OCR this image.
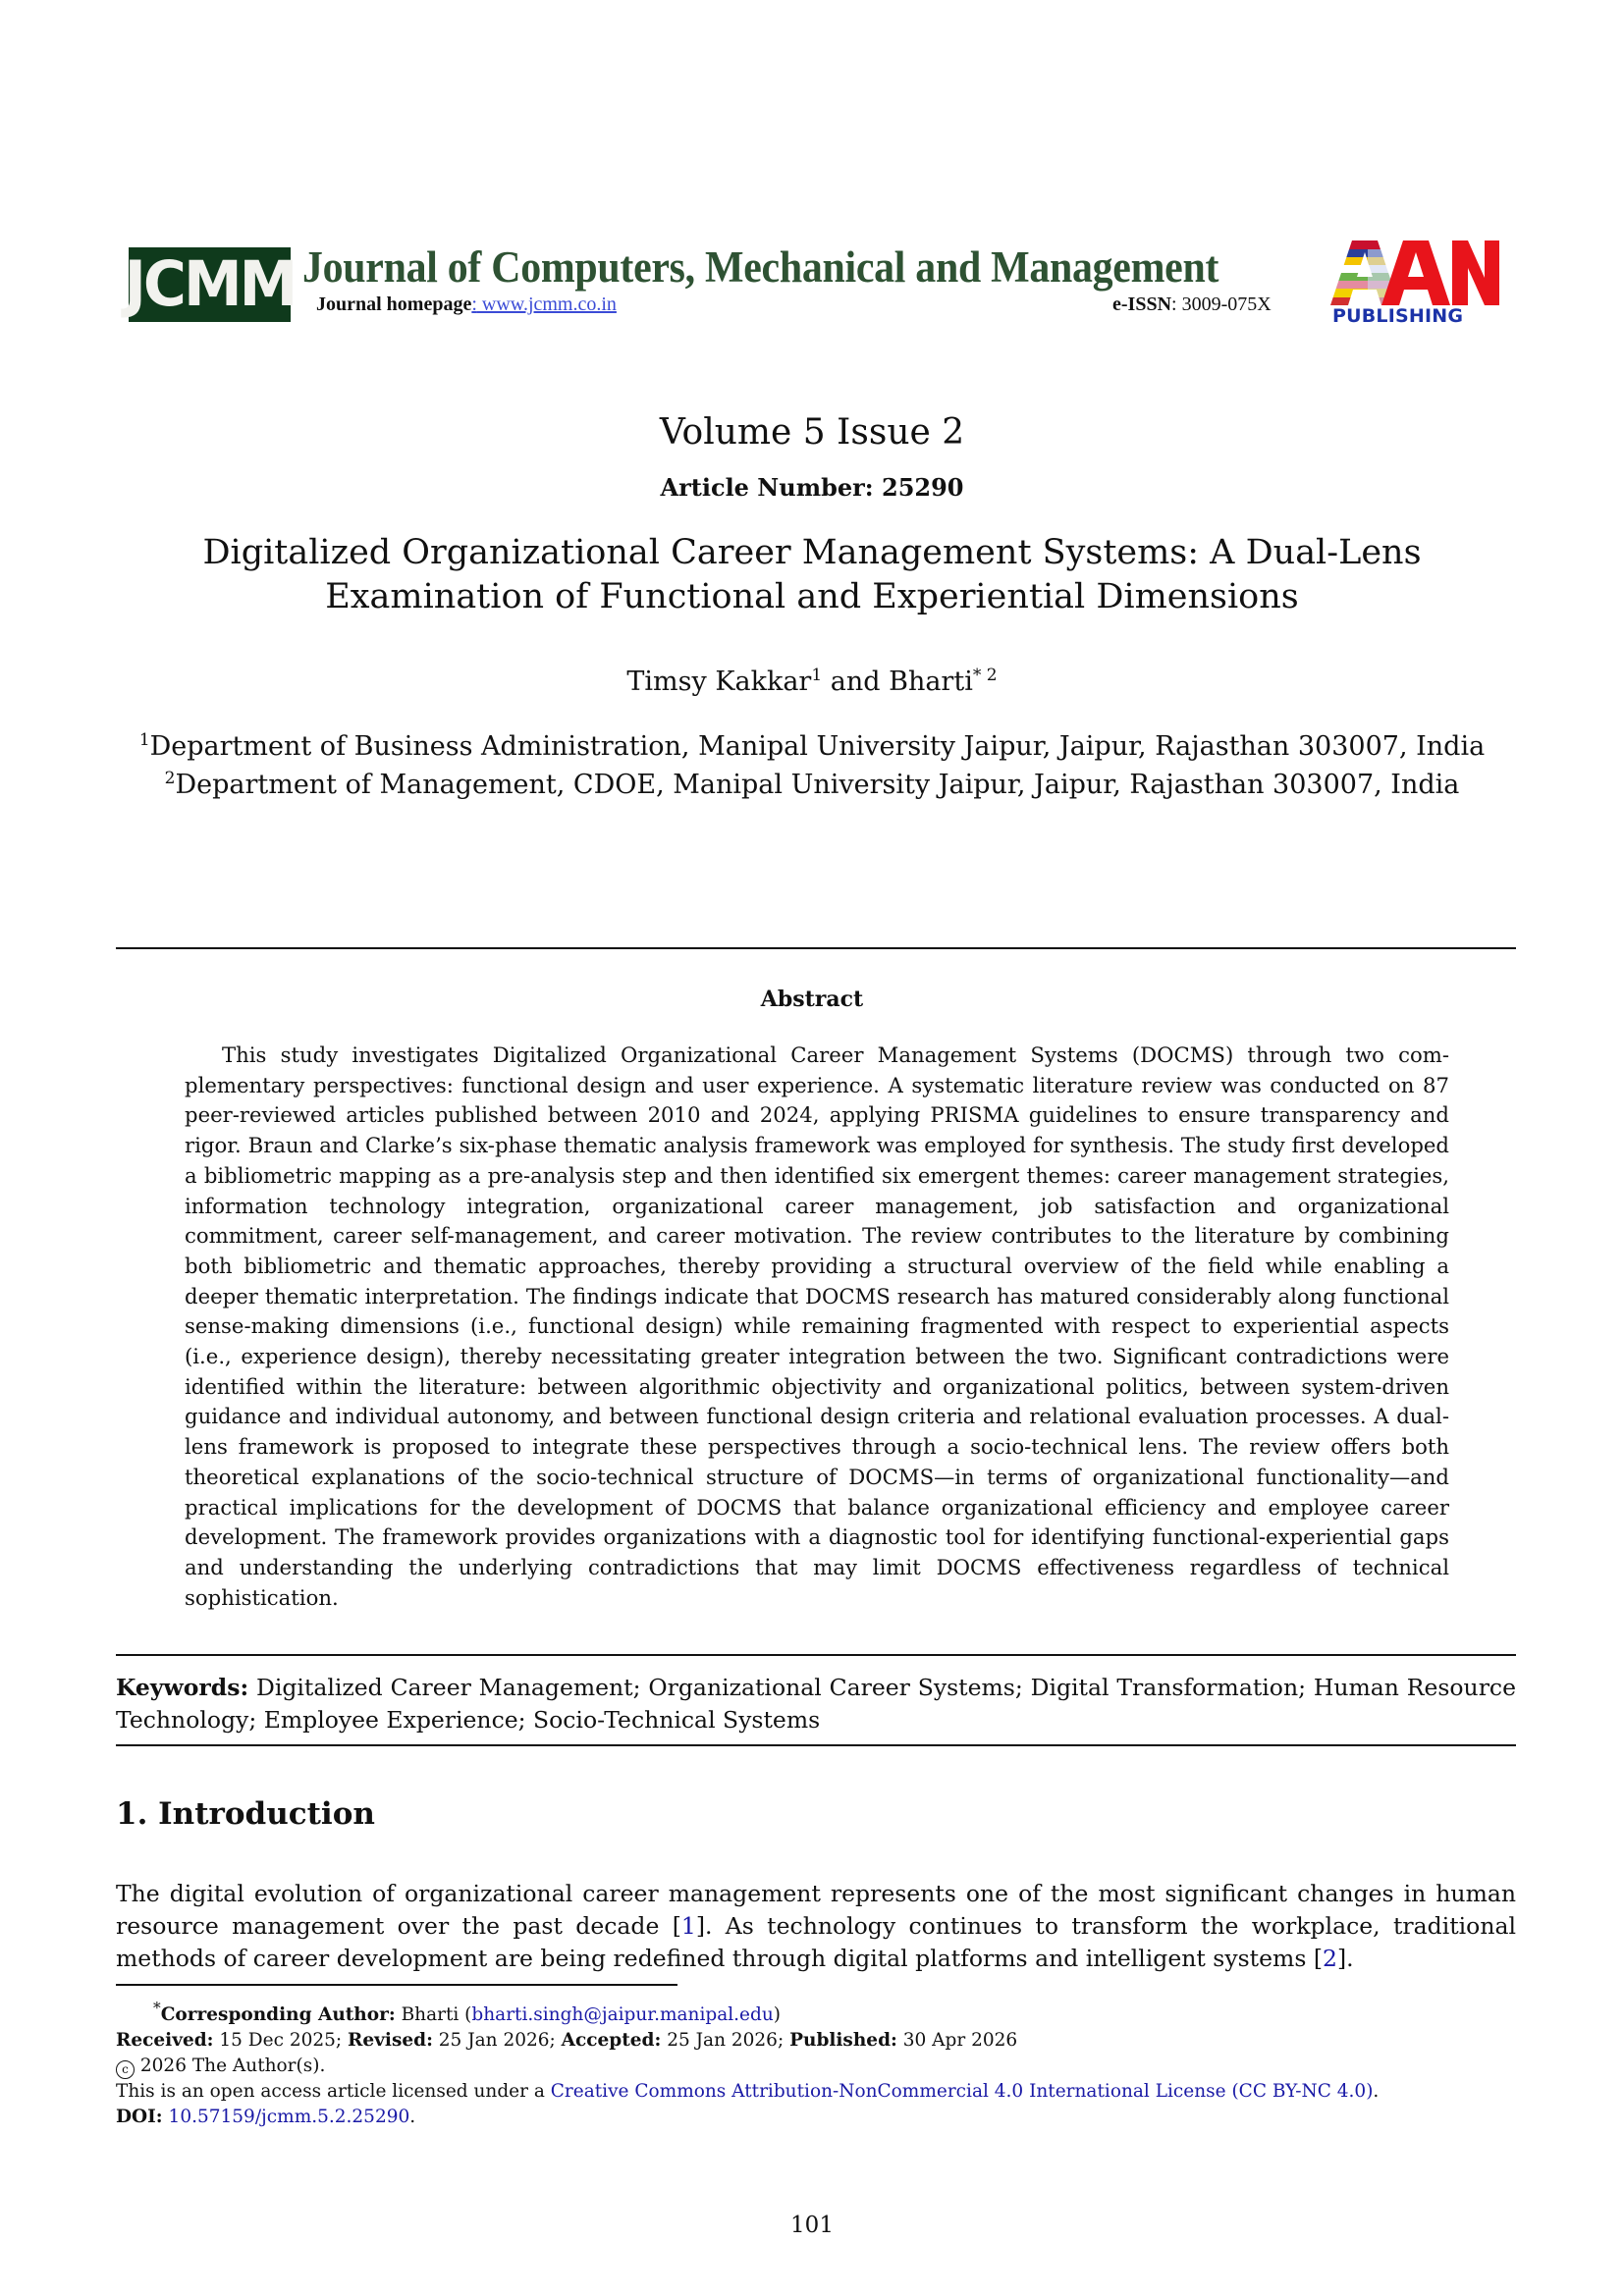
JCMM Journal of Computers, Mechanical and Management
Journal homepage: www.jcmm.co.in	e-ISSN: 3009-075X
PUBLISHING
Volume 5 Issue 2
Article Number: 25290
Digitalized Organizational Career Management Systems: A Dual-Lens
Examination of Functional and Experiential Dimensions
Timsy Kakkar$^1$ and Bharti$^{* 2}$
$^1$Department of Business Administration, Manipal University Jaipur, Jaipur, Rajasthan 303007, India
$^2$Department of Management, CDOE, Manipal University Jaipur, Jaipur, Rajasthan 303007, India
Abstract
This study investigates Digitalized Organizational Career Management Systems (DOCMS) through two complementary perspectives: functional design and user experience. A systematic literature review was conducted on 87 peer-reviewed articles published between 2010 and 2024, applying PRISMA guidelines to ensure transparency and rigor. Braun and Clarke’s six-phase thematic analysis framework was employed for synthesis. The study first developed a bibliometric mapping as a pre-analysis step and then identified six emergent themes: career management strategies, information technology integration, organizational career management, job satisfaction and organizational commitment, career self-management, and career motivation. The review contributes to the literature by combining both bibliometric and thematic approaches, thereby providing a structural overview of the field while enabling a deeper thematic interpretation. The findings indicate that DOCMS research has matured considerably along functional sense-making dimensions (i.e., functional design) while remaining fragmented with respect to experiential aspects (i.e., experience design), thereby necessitating greater integration between the two. Significant contradictions were identified within the literature: between algorithmic objectivity and organizational politics, between system-driven guidance and individual autonomy, and between functional design criteria and relational evaluation processes. A dual-lens framework is proposed to integrate these perspectives through a socio-technical lens. The review offers both theoretical explanations of the socio-technical structure of DOCMS—in terms of organizational functionality—and practical implications for the development of DOCMS that balance organizational efficiency and employee career development. The framework provides organizations with a diagnostic tool for identifying functional-experiential gaps and understanding the underlying contradictions that may limit DOCMS effectiveness regardless of technical sophistication.
Keywords: Digitalized Career Management; Organizational Career Systems; Digital Transformation; Human Resource Technology; Employee Experience; Socio-Technical Systems
1. Introduction
The digital evolution of organizational career management represents one of the most significant changes in human resource management over the past decade [1]. As technology continues to transform the workplace, traditional methods of career development are being redefined through digital platforms and intelligent systems [2].
*Corresponding Author: Bharti (bharti.singh@jaipur.manipal.edu)
Received: 15 Dec 2025; Revised: 25 Jan 2026; Accepted: 25 Jan 2026; Published: 30 Apr 2026
c 2026 The Author(s).
This is an open access article licensed under a Creative Commons Attribution-NonCommercial 4.0 International License (CC BY-NC 4.0).
DOI: 10.57159/jcmm.5.2.25290.
101
